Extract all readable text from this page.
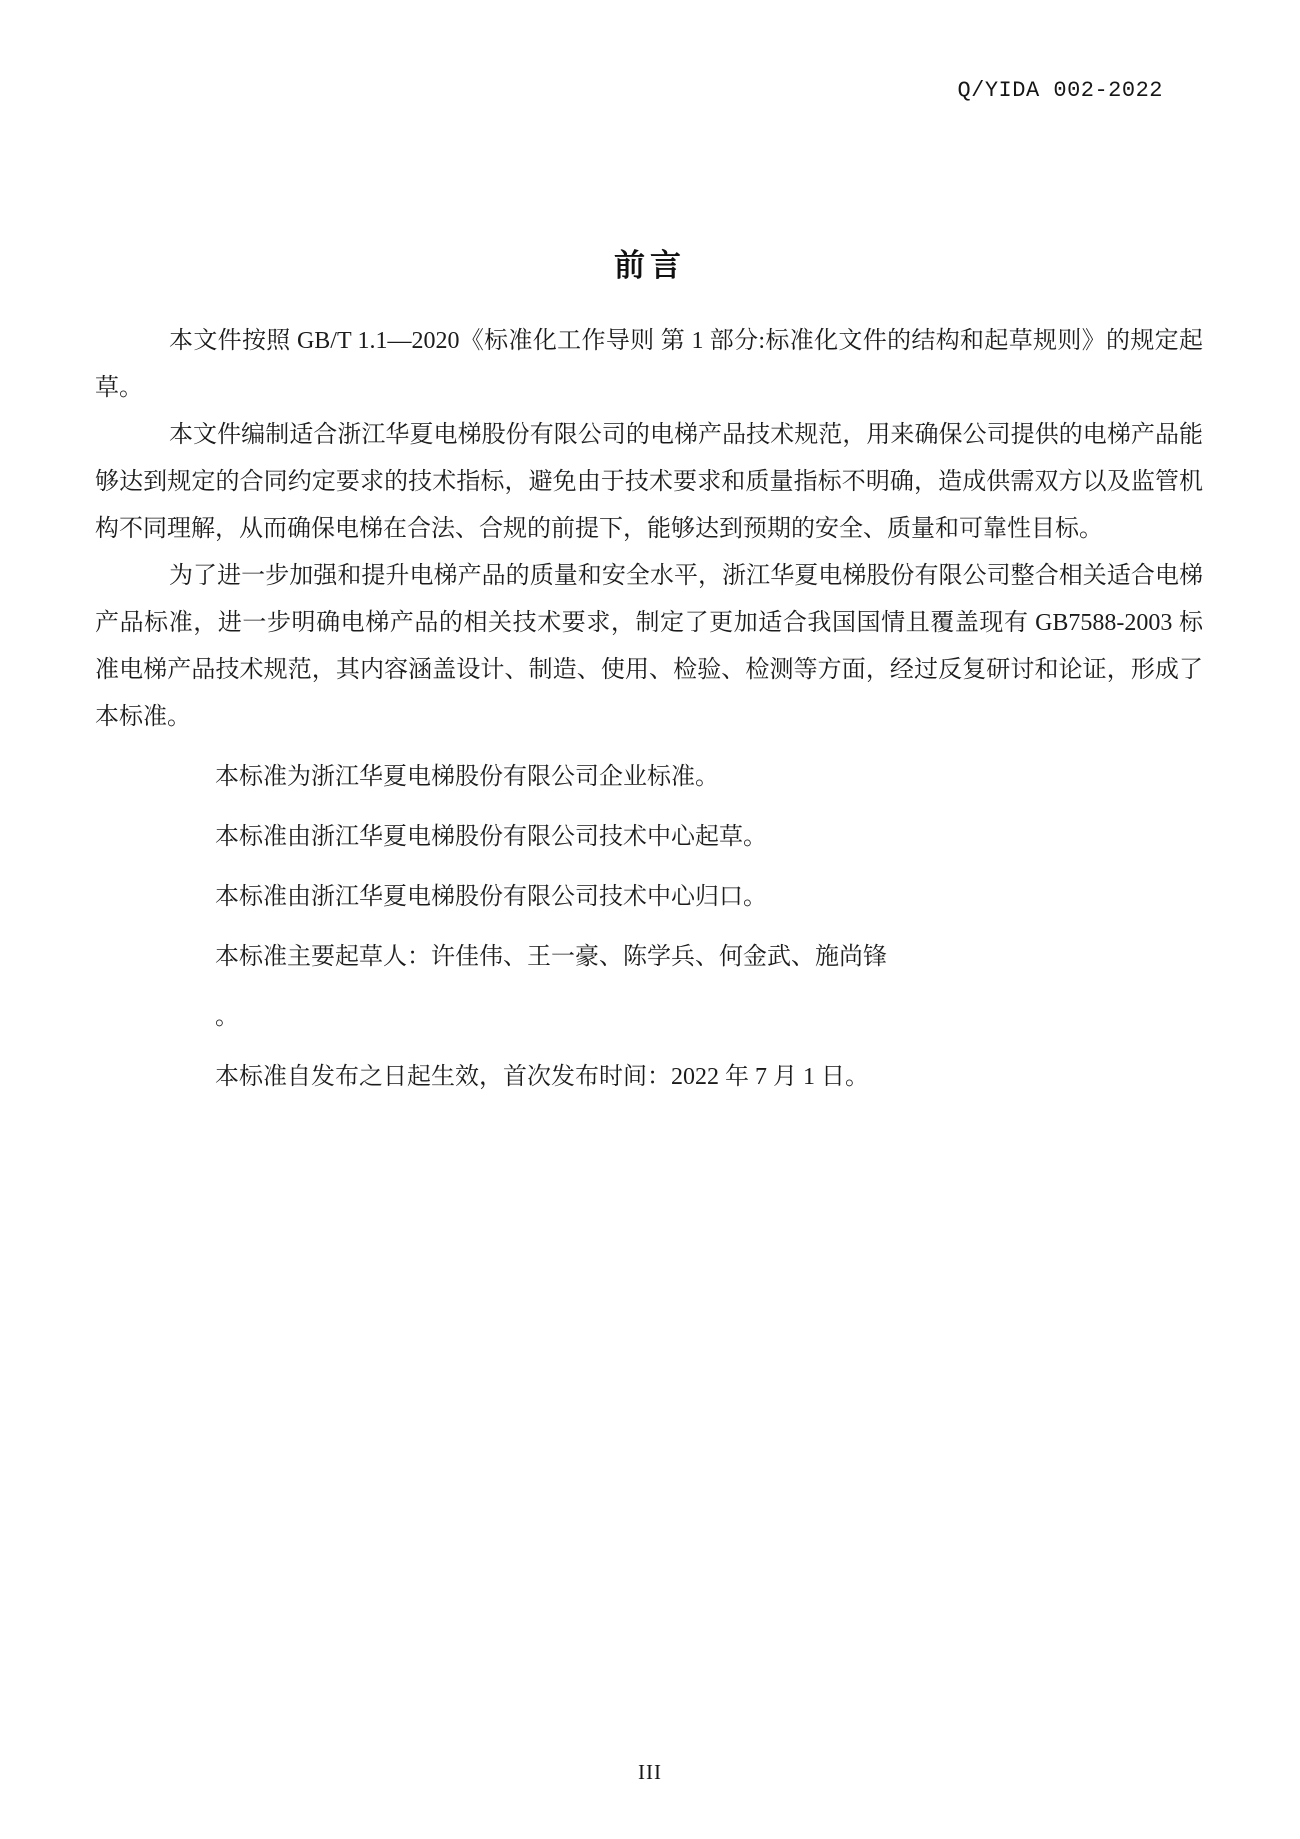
Q/YIDA 002-2022
前言

本文件按照 GB/T 1.1—2020《标准化工作导则 第 1 部分:标准化文件的结构和起草规则》的规定起草。

本文件编制适合浙江华夏电梯股份有限公司的电梯产品技术规范，用来确保公司提供的电梯产品能够达到规定的合同约定要求的技术指标，避免由于技术要求和质量指标不明确，造成供需双方以及监管机构不同理解，从而确保电梯在合法、合规的前提下，能够达到预期的安全、质量和可靠性目标。

为了进一步加强和提升电梯产品的质量和安全水平，浙江华夏电梯股份有限公司整合相关适合电梯产品标准，进一步明确电梯产品的相关技术要求，制定了更加适合我国国情且覆盖现有 GB7588-2003 标准电梯产品技术规范，其内容涵盖设计、制造、使用、检验、检测等方面，经过反复研讨和论证，形成了本标准。

本标准为浙江华夏电梯股份有限公司企业标准。

本标准由浙江华夏电梯股份有限公司技术中心起草。

本标准由浙江华夏电梯股份有限公司技术中心归口。

本标准主要起草人：许佳伟、王一豪、陈学兵、何金武、施尚锋

。

本标准自发布之日起生效，首次发布时间：2022 年 7 月 1 日。

III
